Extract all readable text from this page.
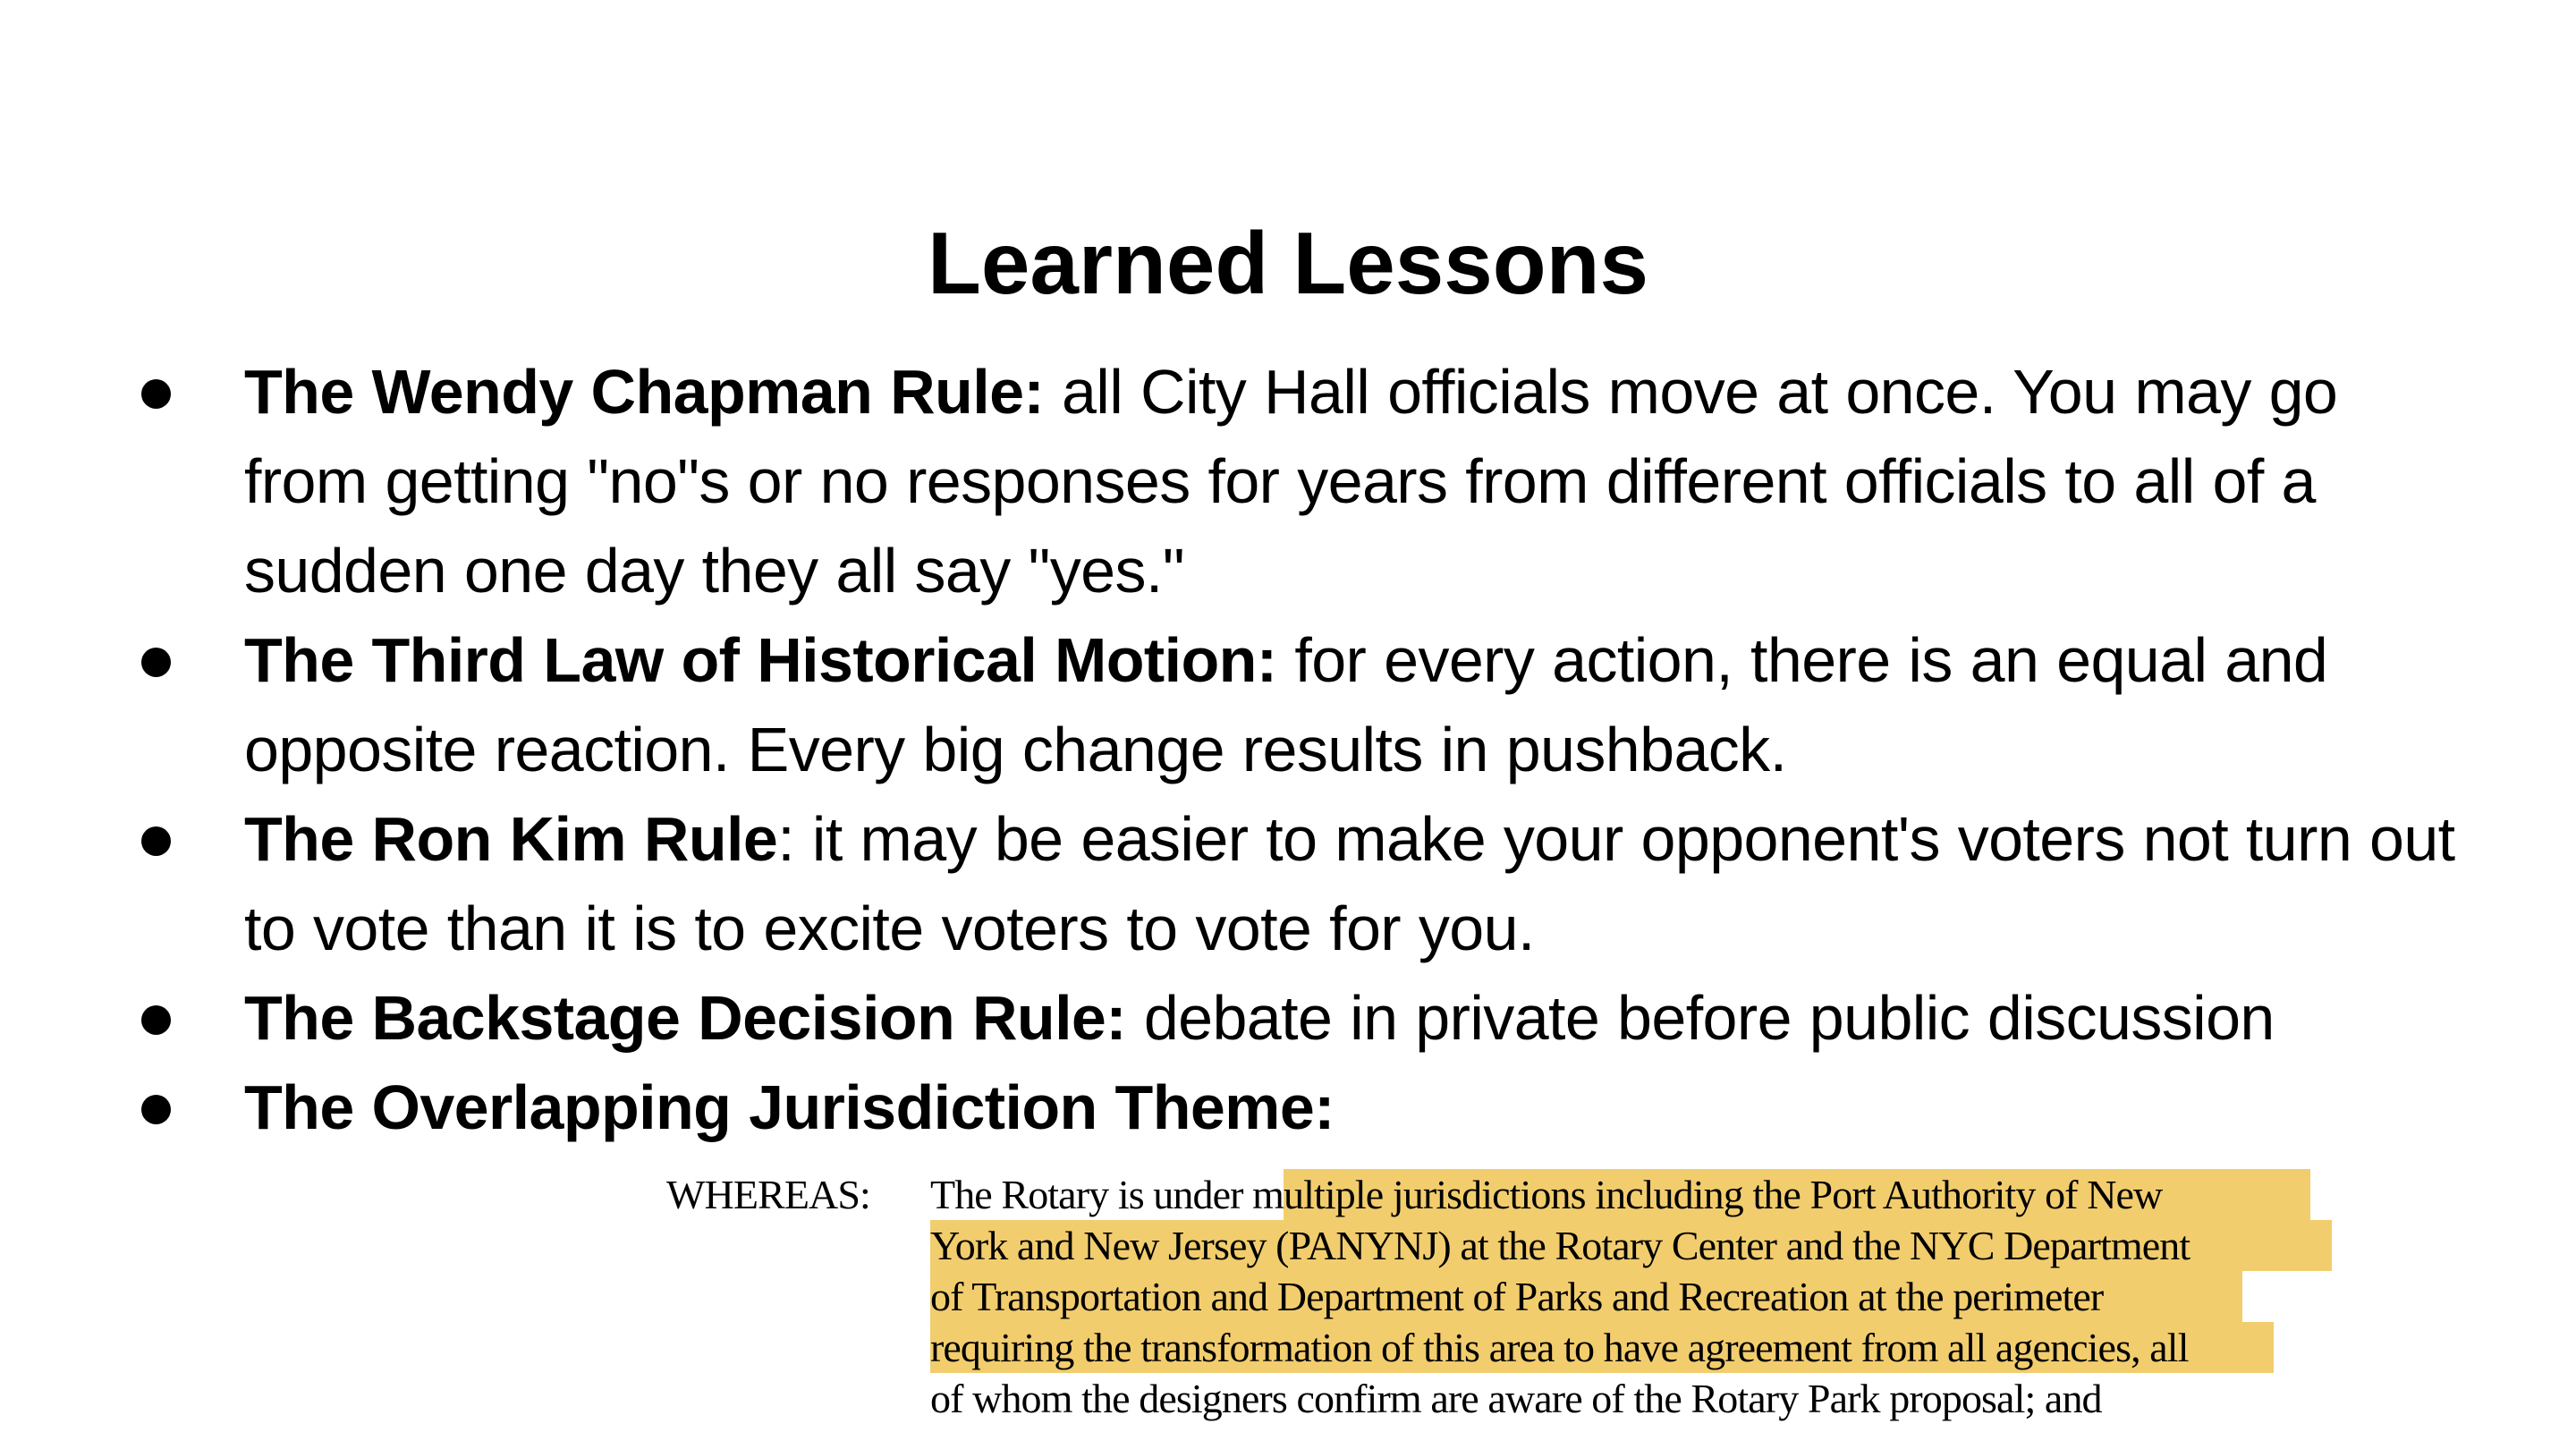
Learned Lessons
The Wendy Chapman Rule: all City Hall officials move at once. You may go from getting "no"s or no responses for years from different officials to all of a sudden one day they all say "yes."
The Third Law of Historical Motion: for every action, there is an equal and opposite reaction. Every big change results in pushback.
The Ron Kim Rule: it may be easier to make your opponent's voters not turn out to vote than it is to excite voters to vote for you.
The Backstage Decision Rule: debate in private before public discussion
The Overlapping Jurisdiction Theme:
WHEREAS: The Rotary is under multiple jurisdictions including the Port Authority of New
York and New Jersey (PANYNJ) at the Rotary Center and the NYC Department
of Transportation and Department of Parks and Recreation at the perimeter
requiring the transformation of this area to have agreement from all agencies, all
of whom the designers confirm are aware of the Rotary Park proposal; and
